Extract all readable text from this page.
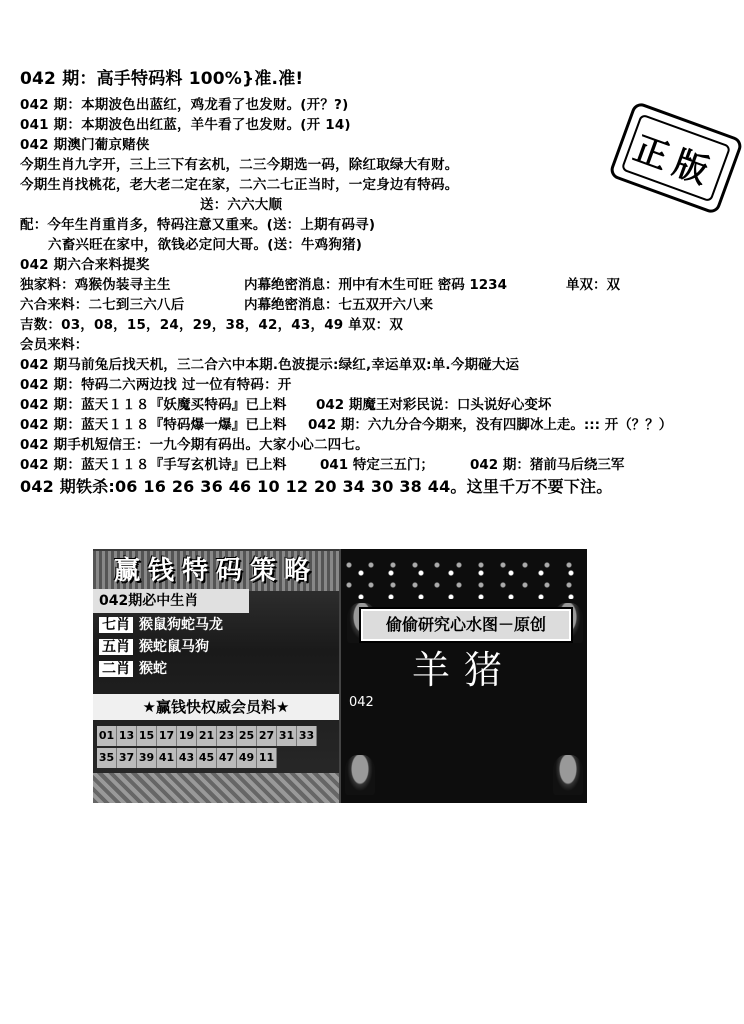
042 期：高手特码料 100%}准.准!
042 期：本期波色出蓝红，鸡龙看了也发财。(开？?)
041 期：本期波色出红蓝，羊牛看了也发财。(开 14)
042 期澳门葡京赌侠
今期生肖九字开，三上三下有玄机，二三今期选一码，除红取绿大有财。
今期生肖找桃花，老大老二定在家，二六二七正当时，一定身边有特码。
送：六六大顺
配：今年生肖重肖多，特码注意又重来。(送：上期有码寻)
六畜兴旺在家中，欲钱必定问大哥。(送：牛鸡狗猪)
042 期六合来料提奖
独家料：鸡猴伪装寻主生	内幕绝密消息：刑中有木生可旺 密码 1234	单双：双
六合来料：二七到三六八后	内幕绝密消息：七五双开六八来
吉数：03，08，15，24，29，38，42，43，49 单双：双
会员来料：
042 期马前兔后找天机，三二合六中本期.色波提示:绿红,幸运单双:单.今期碰大运
042 期：特码二六两边找 过一位有特码：开
042 期：蓝天１１８『妖魔买特码』已上料 042 期魔王对彩民说：口头说好心变坏
042 期：蓝天１１８『特码爆一爆』已上料 042 期：六九分合今期来，没有四脚冰上走。::: 开（？？）
042 期手机短信王：一九今期有码出。大家小心二四七。
042 期：蓝天１１８『手写玄机诗』已上料 041 特定三五门；	042 期：猪前马后绕三军
042 期铁杀:06 16 26 36 46 10 12 20 34 30 38 44。这里千万不要下注。
正版
赢钱特码策略
042期必中生肖
七肖 猴鼠狗蛇马龙
五肖 猴蛇鼠马狗
二肖 猴蛇
★赢钱快权威会员料★
01 13 15 17 19 21 23 25 27 31 33
35 37 39 41 43 45 47 49 11
偷偷研究心水图－原创
羊猪
042
